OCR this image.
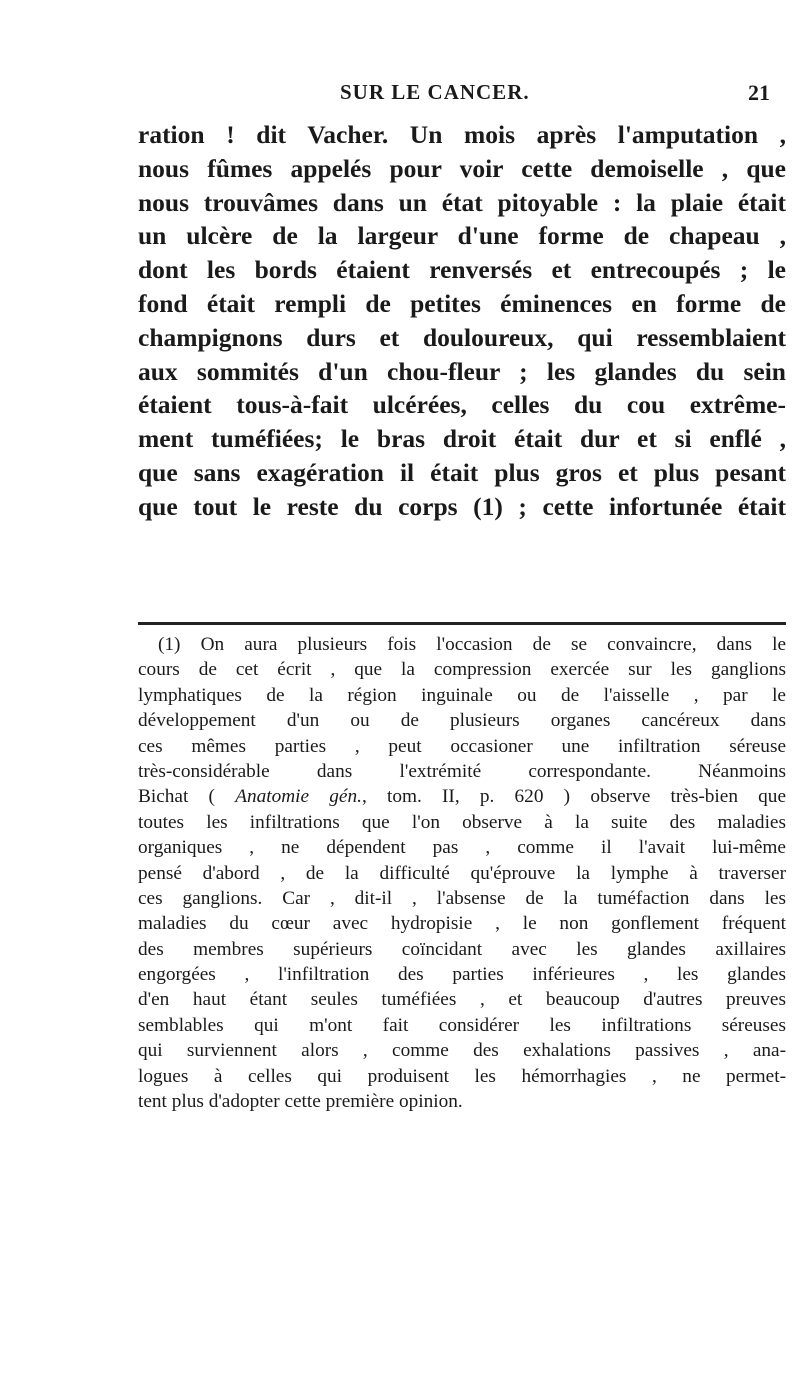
SUR LE CANCER.	21
ration ! dit Vacher. Un mois après l'amputation ,
nous fûmes appelés pour voir cette demoiselle , que
nous trouvâmes dans un état pitoyable : la plaie était
un ulcère de la largeur d'une forme de chapeau ,
dont les bords étaient renversés et entrecoupés ; le
fond était rempli de petites éminences en forme de
champignons durs et douloureux, qui ressemblaient
aux sommités d'un chou-fleur ; les glandes du sein
étaient tous-à-fait ulcérées, celles du cou extrême-
ment tuméfiées; le bras droit était dur et si enflé ,
que sans exagération il était plus gros et plus pesant
que tout le reste du corps (1) ; cette infortunée était
(1) On aura plusieurs fois l'occasion de se convaincre, dans le
cours de cet écrit , que la compression exercée sur les ganglions
lymphatiques de la région inguinale ou de l'aisselle , par le
développement d'un ou de plusieurs organes cancéreux dans
ces mêmes parties , peut occasioner une infiltration séreuse
très-considérable dans l'extrémité correspondante. Néanmoins
Bichat ( Anatomie gén., tom. II, p. 620 ) observe très-bien que
toutes les infiltrations que l'on observe à la suite des maladies
organiques , ne dépendent pas , comme il l'avait lui-même
pensé d'abord , de la difficulté qu'éprouve la lymphe à traverser
ces ganglions. Car , dit-il , l'absense de la tuméfaction dans les
maladies du cœur avec hydropisie , le non gonflement fréquent
des membres supérieurs coïncidant avec les glandes axillaires
engorgées , l'infiltration des parties inférieures , les glandes
d'en haut étant seules tuméfiées , et beaucoup d'autres preuves
semblables qui m'ont fait considérer les infiltrations séreuses
qui surviennent alors , comme des exhalations passives , ana-
logues à celles qui produisent les hémorrhagies , ne permet-
tent plus d'adopter cette première opinion.
